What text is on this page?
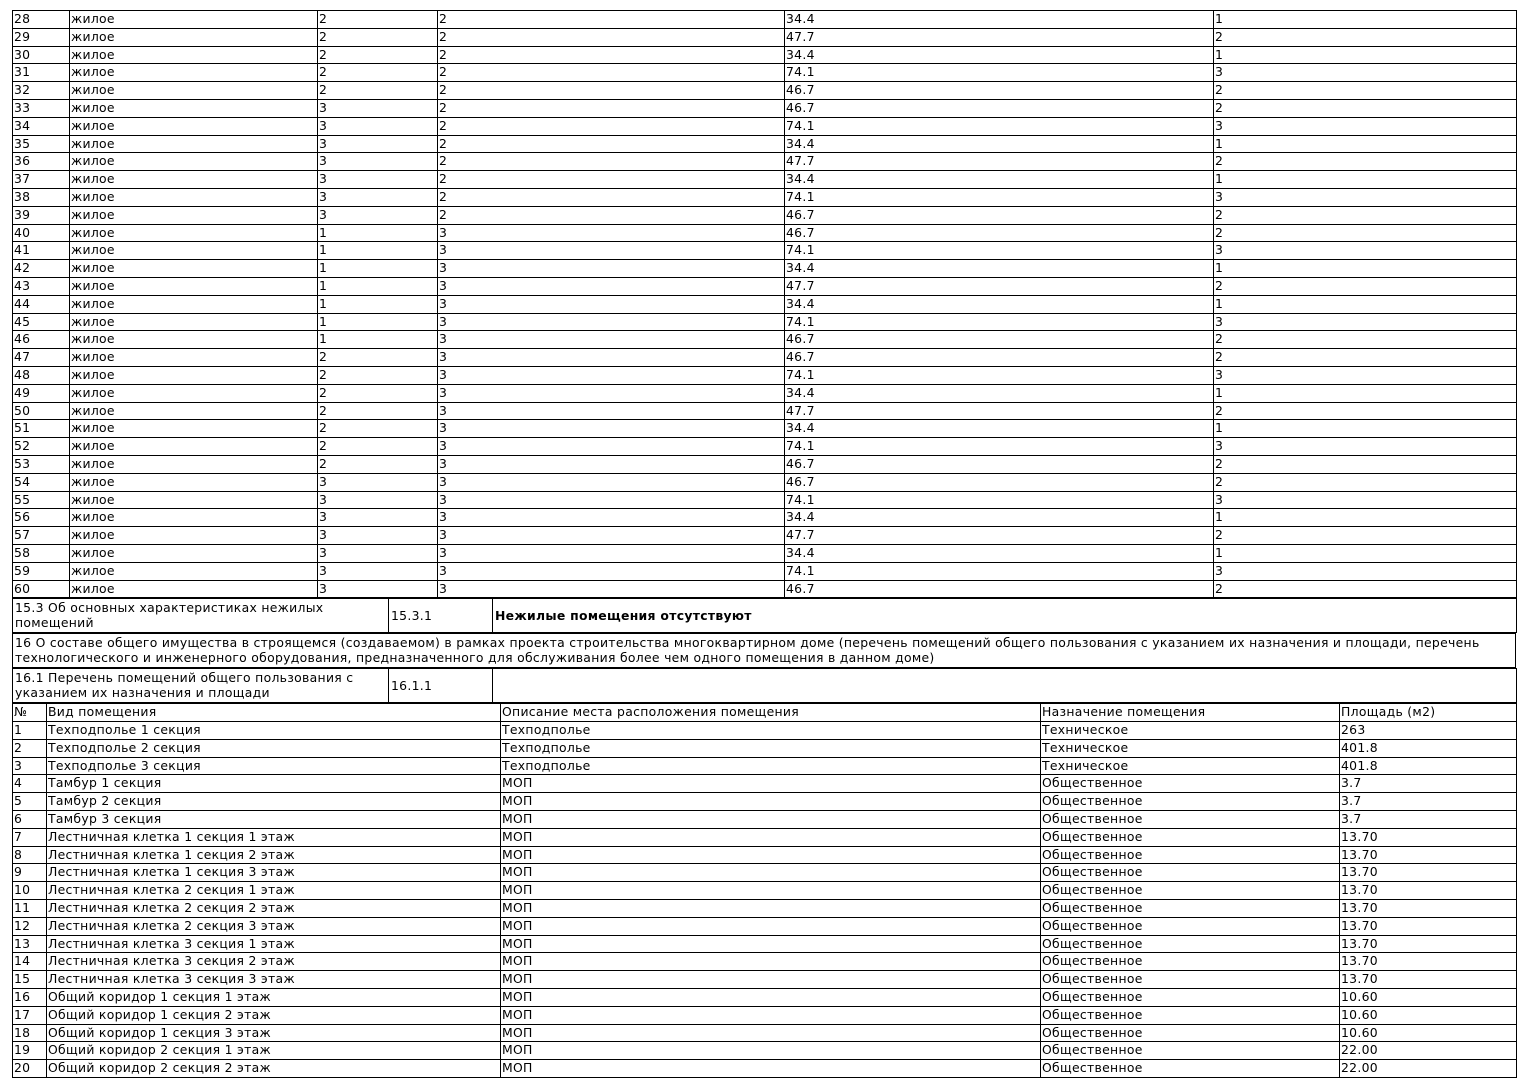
28	жилое	2	2	34.4	1
29	жилое	2	2	47.7	2
30	жилое	2	2	34.4	1
31	жилое	2	2	74.1	3
32	жилое	2	2	46.7	2
33	жилое	3	2	46.7	2
34	жилое	3	2	74.1	3
35	жилое	3	2	34.4	1
36	жилое	3	2	47.7	2
37	жилое	3	2	34.4	1
38	жилое	3	2	74.1	3
39	жилое	3	2	46.7	2
40	жилое	1	3	46.7	2
41	жилое	1	3	74.1	3
42	жилое	1	3	34.4	1
43	жилое	1	3	47.7	2
44	жилое	1	3	34.4	1
45	жилое	1	3	74.1	3
46	жилое	1	3	46.7	2
47	жилое	2	3	46.7	2
48	жилое	2	3	74.1	3
49	жилое	2	3	34.4	1
50	жилое	2	3	47.7	2
51	жилое	2	3	34.4	1
52	жилое	2	3	74.1	3
53	жилое	2	3	46.7	2
54	жилое	3	3	46.7	2
55	жилое	3	3	74.1	3
56	жилое	3	3	34.4	1
57	жилое	3	3	47.7	2
58	жилое	3	3	34.4	1
59	жилое	3	3	74.1	3
60	жилое	3	3	46.7	2
15.3 Об основных характеристиках нежилых помещений	15.3.1	Нежилые помещения отсутствуют
16 О составе общего имущества в строящемся (создаваемом) в рамках проекта строительства многоквартирном доме (перечень помещений общего пользования с указанием их назначения и площади, перечень технологического и инженерного оборудования, предназначенного для обслуживания более чем одного помещения в данном доме)
16.1 Перечень помещений общего пользования с указанием их назначения и площади	16.1.1	
№	Вид помещения	Описание места расположения помещения	Назначение помещения	Площадь (м2)
1	Техподполье 1 секция	Техподполье	Техническое	263
2	Техподполье 2 секция	Техподполье	Техническое	401.8
3	Техподполье 3 секция	Техподполье	Техническое	401.8
4	Тамбур 1 секция	МОП	Общественное	3.7
5	Тамбур 2 секция	МОП	Общественное	3.7
6	Тамбур 3 секция	МОП	Общественное	3.7
7	Лестничная клетка 1 секция 1 этаж	МОП	Общественное	13.70
8	Лестничная клетка 1 секция 2 этаж	МОП	Общественное	13.70
9	Лестничная клетка 1 секция 3 этаж	МОП	Общественное	13.70
10	Лестничная клетка 2 секция 1 этаж	МОП	Общественное	13.70
11	Лестничная клетка 2 секция 2 этаж	МОП	Общественное	13.70
12	Лестничная клетка 2 секция 3 этаж	МОП	Общественное	13.70
13	Лестничная клетка 3 секция 1 этаж	МОП	Общественное	13.70
14	Лестничная клетка 3 секция 2 этаж	МОП	Общественное	13.70
15	Лестничная клетка 3 секция 3 этаж	МОП	Общественное	13.70
16	Общий коридор 1 секция 1 этаж	МОП	Общественное	10.60
17	Общий коридор 1 секция 2 этаж	МОП	Общественное	10.60
18	Общий коридор 1 секция 3 этаж	МОП	Общественное	10.60
19	Общий коридор 2 секция 1 этаж	МОП	Общественное	22.00
20	Общий коридор 2 секция 2 этаж	МОП	Общественное	22.00
